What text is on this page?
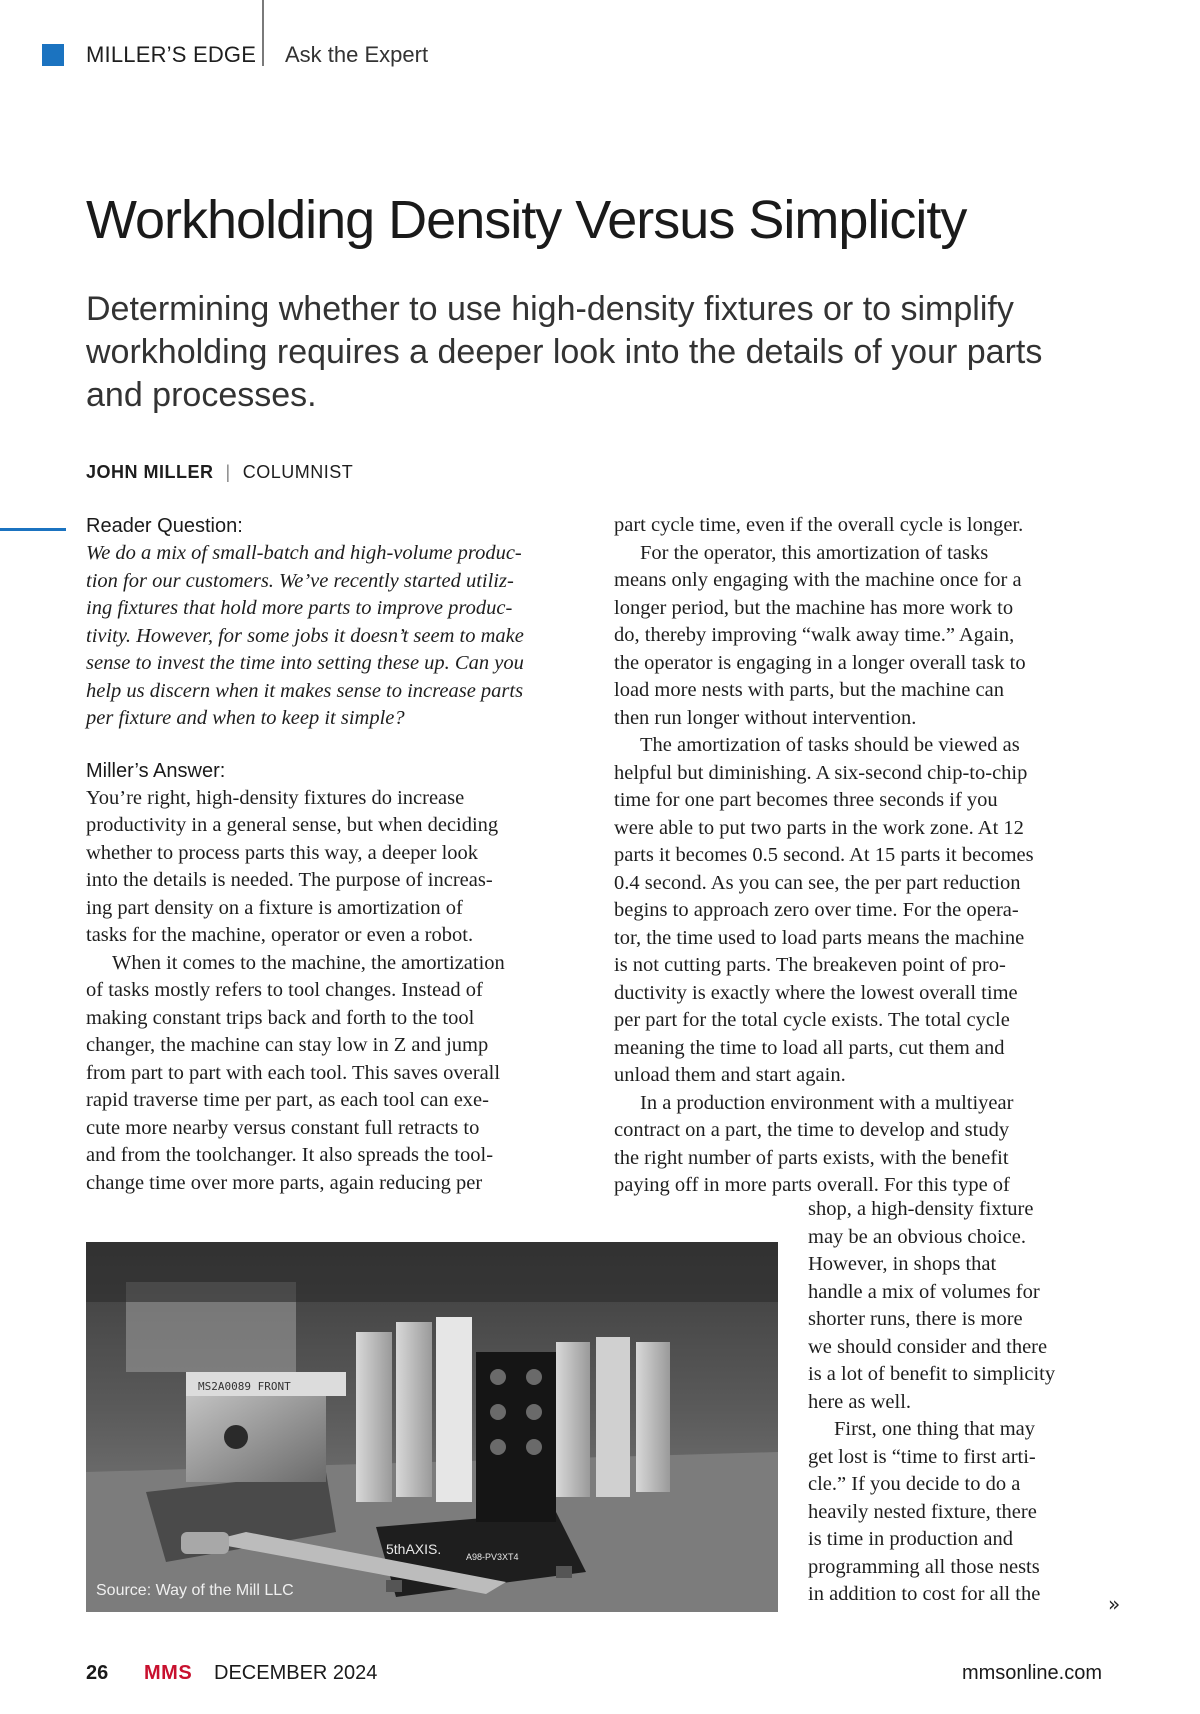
MILLER’S EDGE Ask the Expert
Workholding Density Versus Simplicity

Determining whether to use high-density fixtures or to simplify workholding requires a deeper look into the details of your parts and processes.

JOHN MILLER | COLUMNIST
Reader Question:

We do a mix of small-batch and high-volume produc-
tion for our customers. We’ve recently started utiliz-
ing fixtures that hold more parts to improve produc-
tivity. However, for some jobs it doesn’t seem to make
sense to invest the time into setting these up. Can you
help us discern when it makes sense to increase parts
per fixture and when to keep it simple?

Miller’s Answer:

You’re right, high-density fixtures do increase
productivity in a general sense, but when deciding
whether to process parts this way, a deeper look
into the details is needed. The purpose of increas-
ing part density on a fixture is amortization of
tasks for the machine, operator or even a robot.

When it comes to the machine, the amortization
of tasks mostly refers to tool changes. Instead of
making constant trips back and forth to the tool
changer, the machine can stay low in Z and jump
from part to part with each tool. This saves overall
rapid traverse time per part, as each tool can exe-
cute more nearby versus constant full retracts to
and from the toolchanger. It also spreads the tool-
change time over more parts, again reducing per

part cycle time, even if the overall cycle is longer.

For the operator, this amortization of tasks
means only engaging with the machine once for a
longer period, but the machine has more work to
do, thereby improving “walk away time.” Again,
the operator is engaging in a longer overall task to
load more nests with parts, but the machine can
then run longer without intervention.

The amortization of tasks should be viewed as
helpful but diminishing. A six-second chip-to-chip
time for one part becomes three seconds if you
were able to put two parts in the work zone. At 12
parts it becomes 0.5 second. At 15 parts it becomes
0.4 second. As you can see, the per part reduction
begins to approach zero over time. For the opera-
tor, the time used to load parts means the machine
is not cutting parts. The breakeven point of pro-
ductivity is exactly where the lowest overall time
per part for the total cycle exists. The total cycle
meaning the time to load all parts, cut them and
unload them and start again.

In a production environment with a multiyear
contract on a part, the time to develop and study
the right number of parts exists, with the benefit
paying off in more parts overall. For this type of

shop, a high-density fixture
may be an obvious choice.
However, in shops that
handle a mix of volumes for
shorter runs, there is more
we should consider and there
is a lot of benefit to simplicity
here as well.

First, one thing that may
get lost is “time to first arti-
cle.” If you decide to do a
heavily nested fixture, there
is time in production and
programming all those nests
in addition to cost for all the

MS2A0089 FRONT
5thAXIS.	A98-PV3XT4
Source: Way of the Mill LLC
»
26 MMS DECEMBER 2024	mmsonline.com
